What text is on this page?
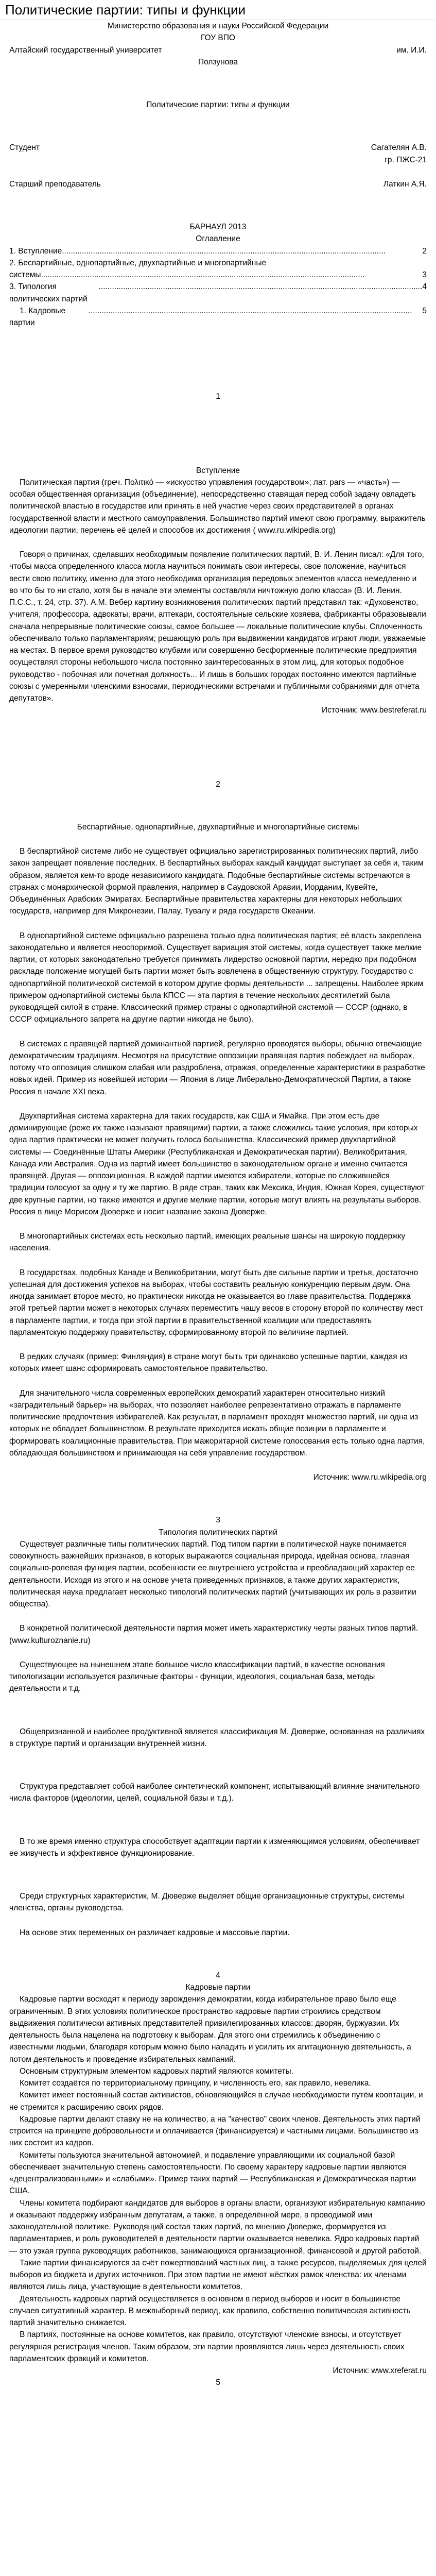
Политические партии: типы и функции

Министерство образования и науки Российской Федерации

ГОУ ВПО

Алтайский государственный университет	им. И.И.

Ползунова

Политические партии: типы и функции

Студент	Сагателян А.В.

гр. ПЖС-21

Старший преподаватель	Латкин А.Я.

БАРНАУЛ 2013

Оглавление

1. Вступление ..................................................................................................................................................	2
2. Беспартийные, однопартийные, двухпартийные и многопартийные
системы ..................................................................................................................................................	3
3. Типология политических партий
.................................................................................................................................................. 4
1. Кадровые партии
..................................................................................................................................................	5

1

Вступление

Политическая партия (греч. Πολιτικό — «искусство управления государством»; лат. pars — «часть») — особая общественная организация (объединение), непосредственно ставящая перед собой задачу овладеть политической властью в государстве или принять в ней участие через своих представителей в органах государственной власти и местного самоуправления. Большинство партий имеют свою программу, выражитель идеологии партии, перечень её целей и способов их достижения ( www.ru.wikipedia.org)

Говоря о причинах, сделавших необходимым появление политических партий, В. И. Ленин писал: «Для того, чтобы масса определенного класса могла научиться понимать свои интересы, свое положение, научиться вести свою политику, именно для этого необходима организация передовых элементов класса немедленно и во что бы то ни стало, хотя бы в начале эти элементы составляли ничтожную долю класса» (В. И. Ленин. П.С.С., т. 24, стр. 37). А.М. Вебер картину возникновения политических партий представил так: «Духовенство, учителя, профессора, адвокаты, врачи, аптекари, состоятельные сельские хозяева, фабриканты образовывали сначала непрерывные политические союзы, самое большее — локальные политические клубы. Сплоченность обеспечивало только парламентариям; решающую роль при выдвижении кандидатов играют люди, уважаемые на местах. В первое время руководство клубами или совершенно бесформенные политические предприятия осуществлял стороны небольшого числа постоянно заинтересованных в этом лиц, для которых подобное руководство - побочная или почетная должность... И лишь в больших городах постоянно имеются партийные союзы с умеренными членскими взносами, периодическими встречами и публичными собраниями для отчета депутатов».

Источник: www.bestreferat.ru

2

Беспартийные, однопартийные, двухпартийные и многопартийные системы

В беспартийной системе либо не существует официально зарегистрированных политических партий, либо закон запрещает появление последних. В беспартийных выборах каждый кандидат выступает за себя и, таким образом, является кем-то вроде независимого кандидата. Подобные беспартийные системы встречаются в странах с монархической формой правления, например в Саудовской Аравии, Иордании, Кувейте, Объединённых Арабских Эмиратах. Беспартийные правительства характерны для некоторых небольших государств, например для Микронезии, Палау, Тувалу и ряда государств Океании.

В однопартийной системе официально разрешена только одна политическая партия; её власть закреплена законодательно и является неоспоримой. Существует вариация этой системы, когда существует также мелкие партии, от которых законодательно требуется принимать лидерство основной партии, нередко при подобном раскладе положение могущей быть партии может быть вовлечена в общественную структуру. Государство с однопартийной политической системой в котором другие формы деятельности ... запрещены. Наиболее ярким примером однопартийной системы была КПСС — эта партия в течение нескольких десятилетий была руководящей силой в стране. Классический пример страны с однопартийной системой — СССР (однако, в СССР официального запрета на другие партии никогда не было).

В системах с правящей партией доминантной партией, регулярно проводятся выборы, обычно отвечающие демократическим традициям. Несмотря на присутствие оппозиции правящая партия побеждает на выборах, потому что оппозиция слишком слабая или раздроблена, отражая, определенные характеристики в разработке новых идей. Пример из новейшей истории — Япония в лице Либерально-Демократической Партии, а также Россия в начале XXI века.

Двухпартийная система характерна для таких государств, как США и Ямайка. При этом есть две доминирующие (реже их также называют правящими) партии, а также сложились такие условия, при которых одна партия практически не может получить голоса большинства. Классический пример двухпартийной системы — Соединённые Штаты Америки (Республиканская и Демократическая партии). Великобритания, Канада или Австралия. Одна из партий имеет большинство в законодательном органе и именно считается правящей. Другая — оппозиционная. В каждой партии имеются избиратели, которые по сложившейся традиции голосуют за одну и ту же партию. В ряде стран, таких как Мексика, Индия, Южная Корея, существуют две крупные партии, но также имеются и другие мелкие партии, которые могут влиять на результаты выборов. Россия в лице Морисом Дюверже и носит название закона Дюверже.

В многопартийных системах есть несколько партий, имеющих реальные шансы на широкую поддержку населения.

В государствах, подобных Канаде и Великобритании, могут быть две сильные партии и третья, достаточно успешная для достижения успехов на выборах, чтобы составить реальную конкуренцию первым двум. Она иногда занимает второе место, но практически никогда не оказывается во главе правительства. Поддержка этой третьей партии может в некоторых случаях переместить чашу весов в сторону второй по количеству мест в парламенте партии, и тогда при этой партии в правительственной коалиции или предоставлять парламентскую поддержку правительству, сформированному второй по величине партией.

В редких случаях (пример: Финляндия) в стране могут быть три одинаково успешные партии, каждая из которых имеет шанс сформировать самостоятельное правительство.

Для значительного числа современных европейских демократий характерен относительно низкий «заградительный барьер» на выборах, что позволяет наиболее репрезентативно отражать в парламенте политические предпочтения избирателей. Как результат, в парламент проходят множество партий, ни одна из которых не обладает большинством. В результате приходится искать общие позиции в парламенте и формировать коалиционные правительства. При мажоритарной системе голосования есть только одна партия, обладающая большинством и принимающая на себя управление государством.

Источник: www.ru.wikipedia.org

3

Типология политических партий

Существует различные типы политических партий. Под типом партии в политической науке понимается совокупность важнейших признаков, в которых выражаются социальная природа, идейная основа, главная социально-ролевая функция партии, особенности ее внутреннего устройства и преобладающий характер ее деятельности. Исходя из этого и на основе учета приведенных признаков, а также других характеристик, политическая наука предлагает несколько типологий политических партий (учитывающих их роль в развитии общества).

В конкретной политической деятельности партия может иметь характеристику черты разных типов партий. (www.kulturoznanie.ru)

Существующее на нынешнем этапе большое число классификации партий, в качестве основания типологизации используется различные факторы - функции, идеология, социальная база, методы деятельности и т.д.

Общепризнанной и наиболее продуктивной является классификация М. Дюверже, основанная на различиях в структуре партий и организации внутренней жизни.

Структура представляет собой наиболее синтетический компонент, испытывающий влияние значительного числа факторов (идеологии, целей, социальной базы и т.д.).

В то же время именно структура способствует адаптации партии к изменяющимся условиям, обеспечивает ее живучесть и эффективное функционирование.

Среди структурных характеристик, М. Дюверже выделяет общие организационные структуры, системы членства, органы руководства.

На основе этих переменных он различает кадровые и массовые партии.

4

Кадровые партии

Кадровые партии восходят к периоду зарождения демократии, когда избирательное право было еще ограниченным. В этих условиях политическое пространство кадровые партии строились средством выдвижения политически активных представителей привилегированных классов: дворян, буржуазии. Их деятельность была нацелена на подготовку к выборам. Для этого они стремились к объединению с известными людьми, благодаря которым можно было наладить и усилить их агитационную деятельность, а потом деятельность и проведение избирательных кампаний.

Основным структурным элементом кадровых партий являются комитеты.

Комитет создаётся по территориальному принципу, и численность его, как правило, невелика.

Комитет имеет постоянный состав активистов, обновляющийся в случае необходимости путём кооптации, и не стремится к расширению своих рядов.

Кадровые партии делают ставку не на количество, а на "качество" своих членов. Деятельность этих партий строится на принципе добровольности и оплачивается (финансируется) и частными лицами. Большинство из них состоит из кадров.

Комитеты пользуются значительной автономией, и подавление управляющими их социальной базой обеспечивает значительную степень самостоятельности. По своему характеру кадровые партии являются «децентрализованными» и «слабыми». Пример таких партий — Республиканская и Демократическая партии США.

Члены комитета подбирают кандидатов для выборов в органы власти, организуют избирательную кампанию и оказывают поддержку избранным депутатам, а также, в определённой мере, в проводимой ими законодательной политике. Руководящий состав таких партий, по мнению Дюверже, формируется из парламентариев, и роль руководителей в деятельности партии оказывается невелика. Ядро кадровых партий — это узкая группа руководящих работников, занимающихся организационной, финансовой и другой работой.

Такие партии финансируются за счёт пожертвований частных лиц, а также ресурсов, выделяемых для целей выборов из бюджета и других источников. При этом партии не имеют жёстких рамок членства: их членами являются лишь лица, участвующие в деятельности комитетов.

Деятельность кадровых партий осуществляется в основном в период выборов и носит в большинстве случаев ситуативный характер. В межвыборный период, как правило, собственно политическая активность партий значительно снижается.

В партиях, постоянные на основе комитетов, как правило, отсутствуют членские взносы, и отсутствует регулярная регистрация членов. Таким образом, эти партии проявляются лишь через деятельность своих парламентских фракций и комитетов.

Источник: www.xreferat.ru

5
